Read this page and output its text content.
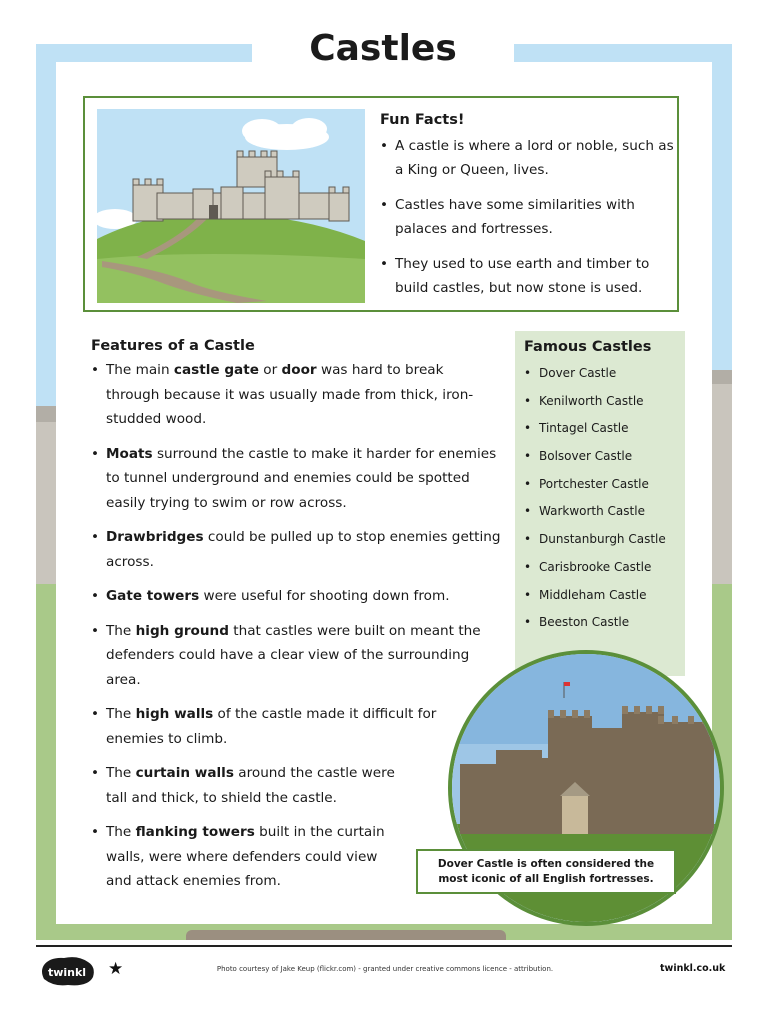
Castles

Fun Facts!

• A castle is where a lord or noble, such as a King or Queen, lives.
• Castles have some similarities with palaces and fortresses.
• They used to use earth and timber to build castles, but now stone is used.

Features of a Castle

• The main castle gate or door was hard to break through because it was usually made from thick, iron-studded wood.
• Moats surround the castle to make it harder for enemies to tunnel underground and enemies could be spotted easily trying to swim or row across.
• Drawbridges could be pulled up to stop enemies getting across.
• Gate towers were useful for shooting down from.
• The high ground that castles were built on meant the defenders could have a clear view of the surrounding area.
• The high walls of the castle made it difficult for enemies to climb.
• The curtain walls around the castle were tall and thick, to shield the castle.
• The flanking towers built in the curtain walls, were where defenders could view and attack enemies from.

Famous Castles

• Dover Castle
• Kenilworth Castle
• Tintagel Castle
• Bolsover Castle
• Portchester Castle
• Warkworth Castle
• Dunstanburgh Castle
• Carisbrooke Castle
• Middleham Castle
• Beeston Castle
Dover Castle is often considered the most iconic of all English fortresses.
twinkl ★	Photo courtesy of Jake Keup (flickr.com) - granted under creative commons licence - attribution.	twinkl.co.uk
